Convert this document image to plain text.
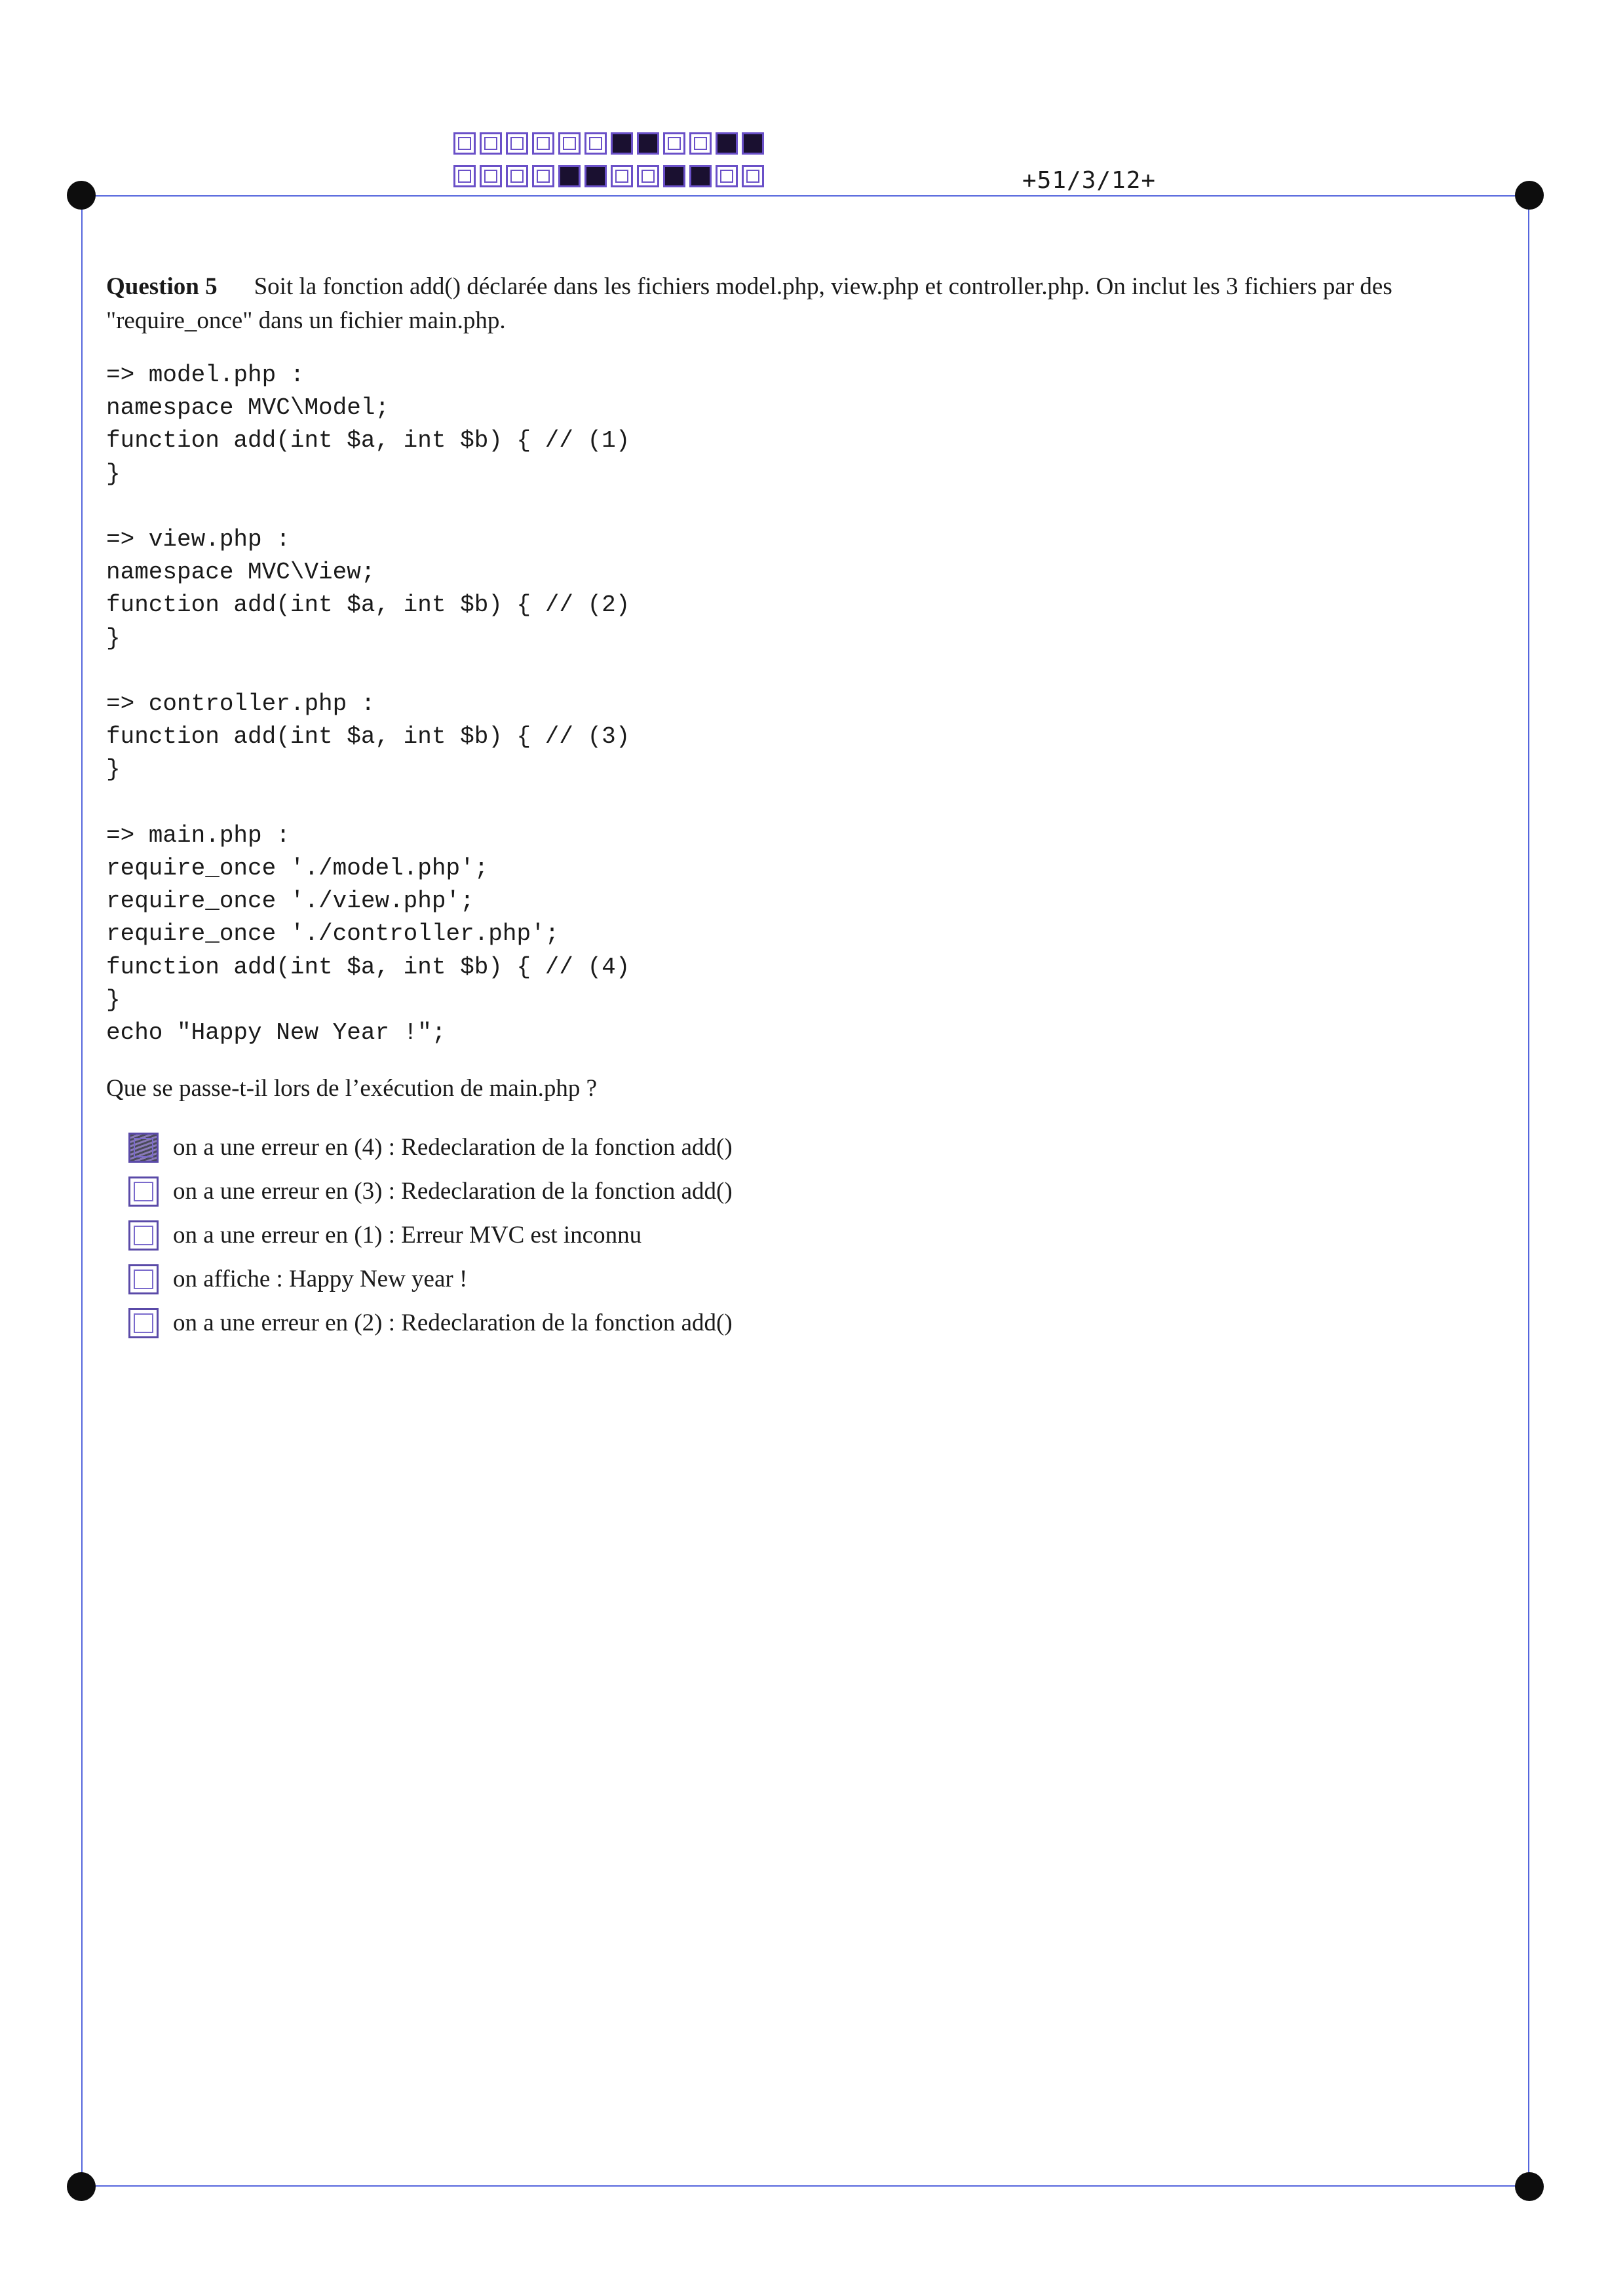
+51/3/12+
Question 5 Soit la fonction add() déclarée dans les fichiers model.php, view.php et controller.php. On inclut les 3 fichiers par des "require_once" dans un fichier main.php.
=> model.php :
namespace MVC\Model;
function add(int $a, int $b) { // (1)
}

=> view.php :
namespace MVC\View;
function add(int $a, int $b) { // (2)
}

=> controller.php :
function add(int $a, int $b) { // (3)
}

=> main.php :
require_once './model.php';
require_once './view.php';
require_once './controller.php';
function add(int $a, int $b) { // (4)
}
echo "Happy New Year !";
Que se passe-t-il lors de l’exécution de main.php ?
on a une erreur en (4) : Redeclaration de la fonction add()
on a une erreur en (3) : Redeclaration de la fonction add()
on a une erreur en (1) : Erreur MVC est inconnu
on affiche : Happy New year !
on a une erreur en (2) : Redeclaration de la fonction add()
